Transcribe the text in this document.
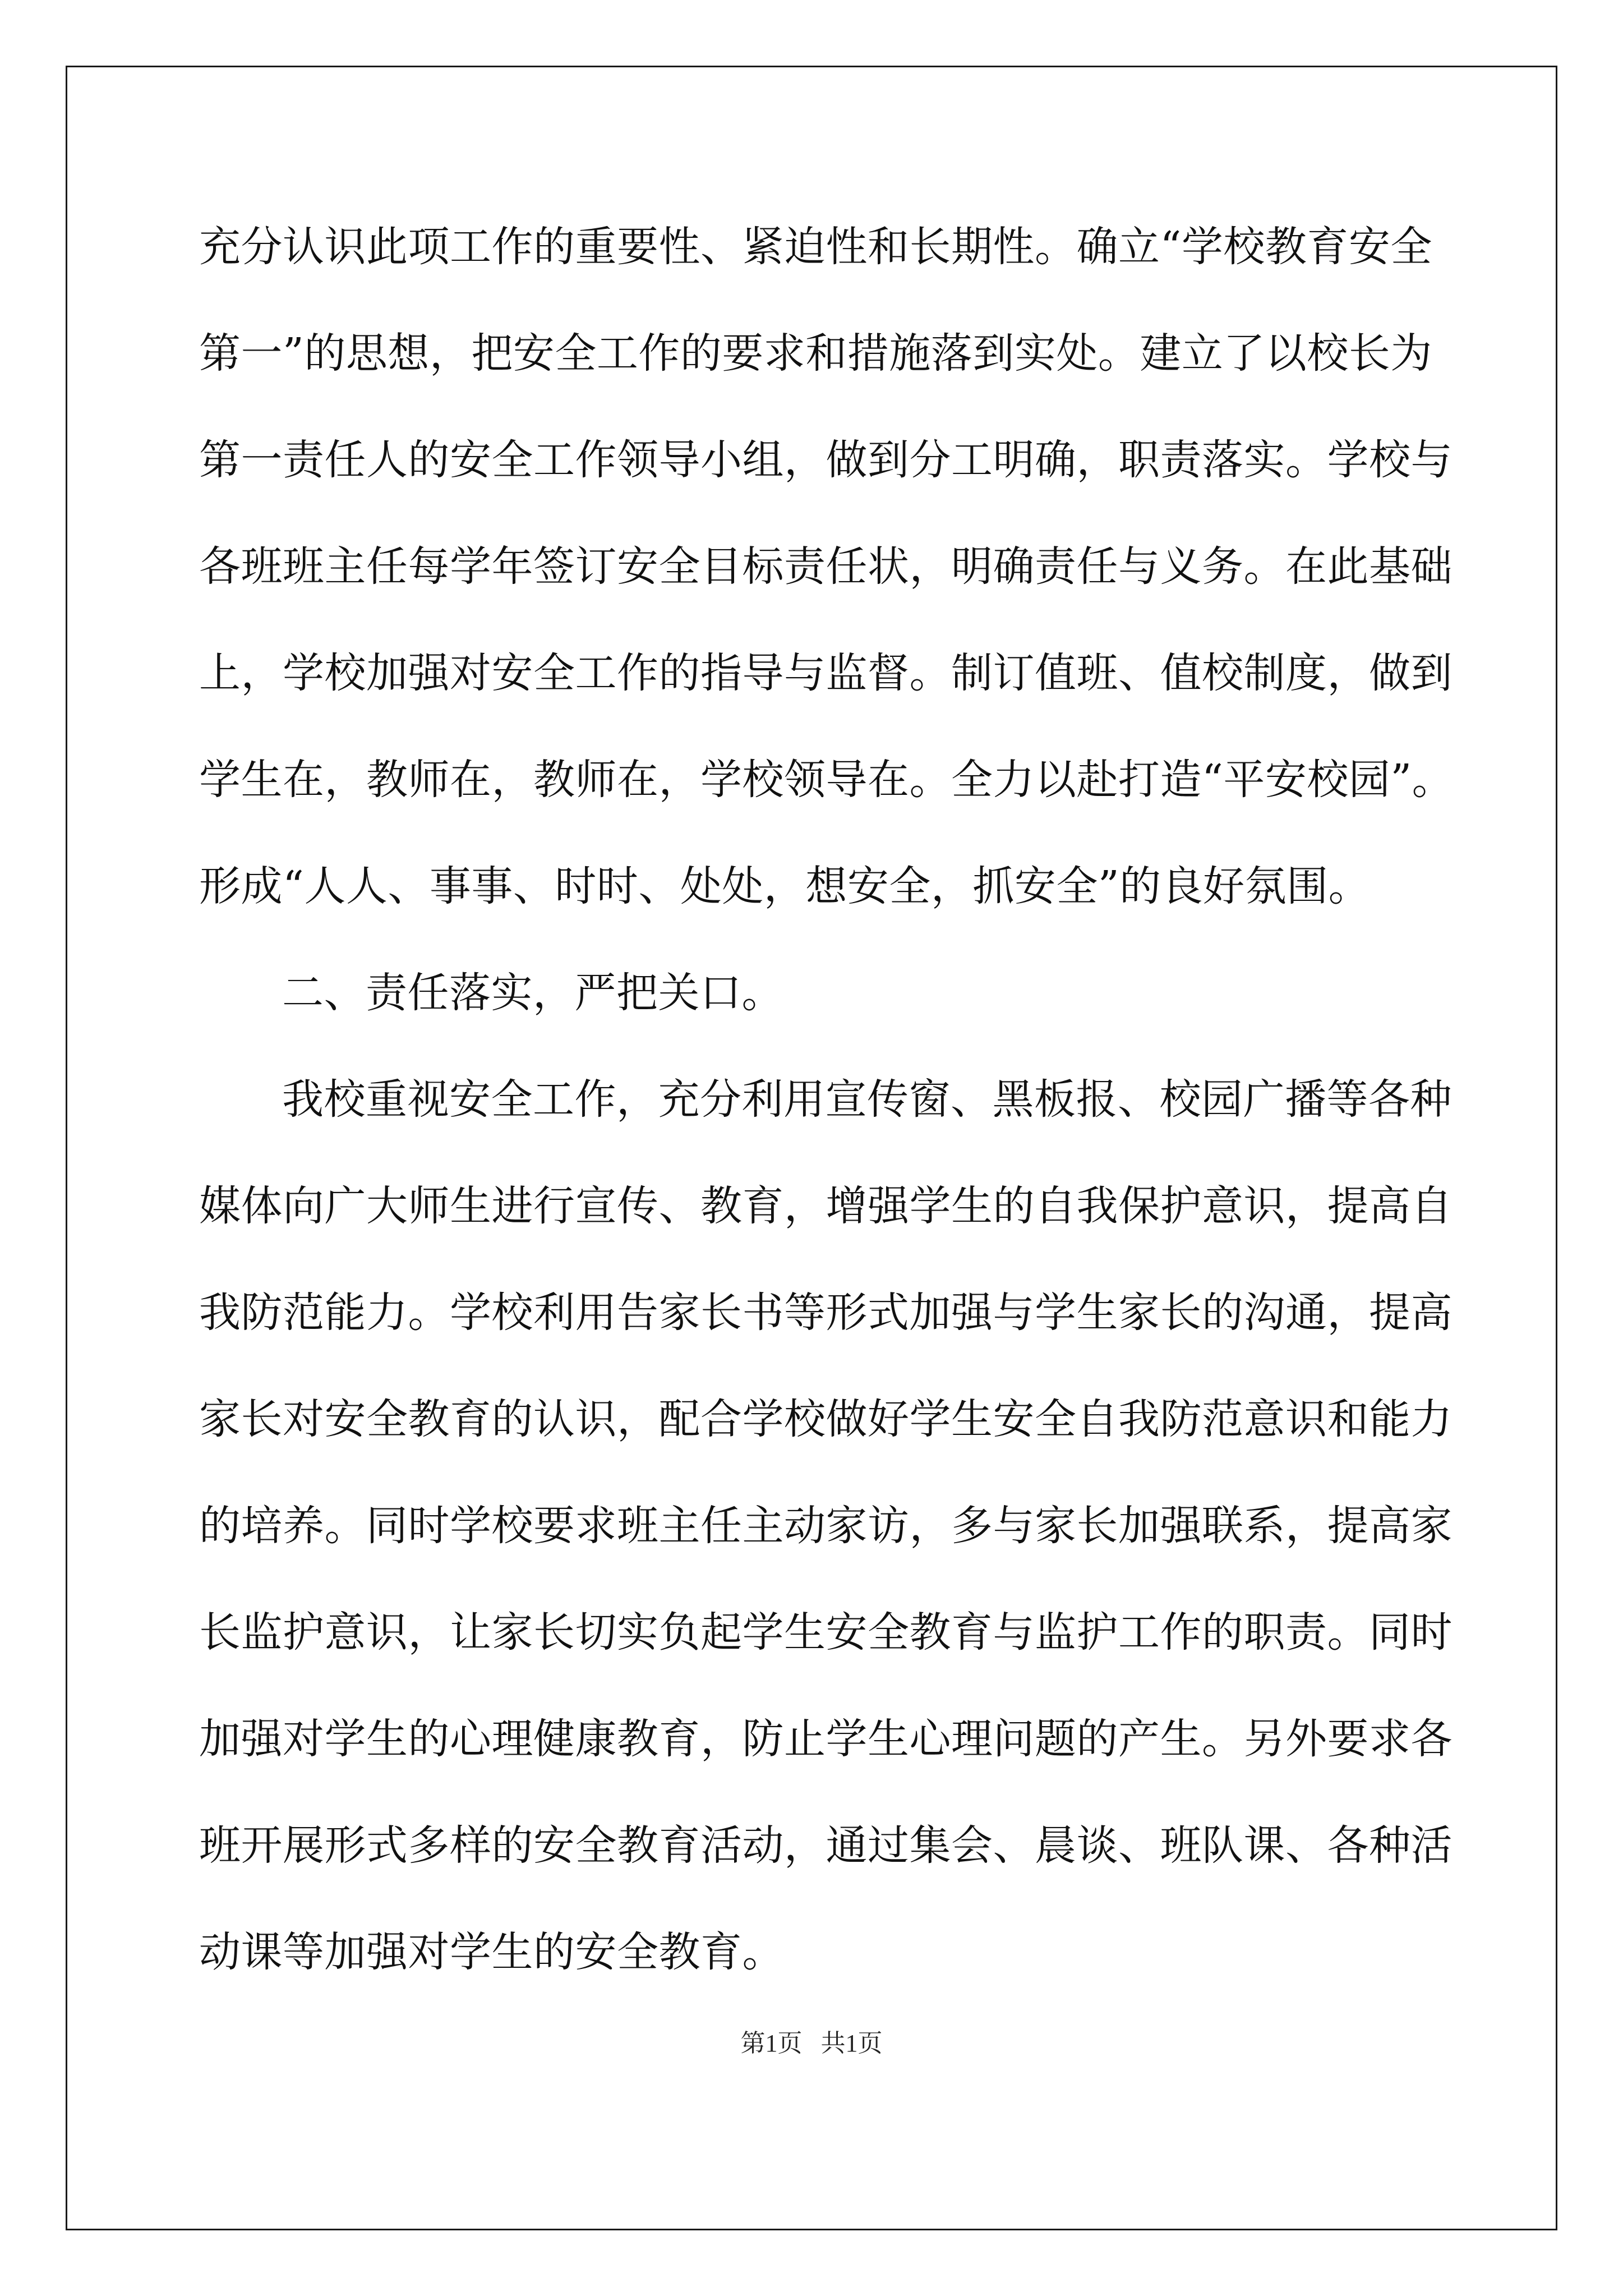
充分认识此项工作的重要性、紧迫性和长期性。确立“学校教育安全
第一”的思想，把安全工作的要求和措施落到实处。建立了以校长为
第一责任人的安全工作领导小组，做到分工明确，职责落实。学校与
各班班主任每学年签订安全目标责任状，明确责任与义务。在此基础
上，学校加强对安全工作的指导与监督。制订值班、值校制度，做到
学生在，教师在，教师在，学校领导在。全力以赴打造“平安校园”。
形成“人人、事事、时时、处处，想安全，抓安全”的良好氛围。
二、责任落实，严把关口。
我校重视安全工作，充分利用宣传窗、黑板报、校园广播等各种
媒体向广大师生进行宣传、教育，增强学生的自我保护意识，提高自
我防范能力。学校利用告家长书等形式加强与学生家长的沟通，提高
家长对安全教育的认识，配合学校做好学生安全自我防范意识和能力
的培养。同时学校要求班主任主动家访，多与家长加强联系，提高家
长监护意识，让家长切实负起学生安全教育与监护工作的职责。同时
加强对学生的心理健康教育，防止学生心理问题的产生。另外要求各
班开展形式多样的安全教育活动，通过集会、晨谈、班队课、各种活
动课等加强对学生的安全教育。
第1页   共1页
